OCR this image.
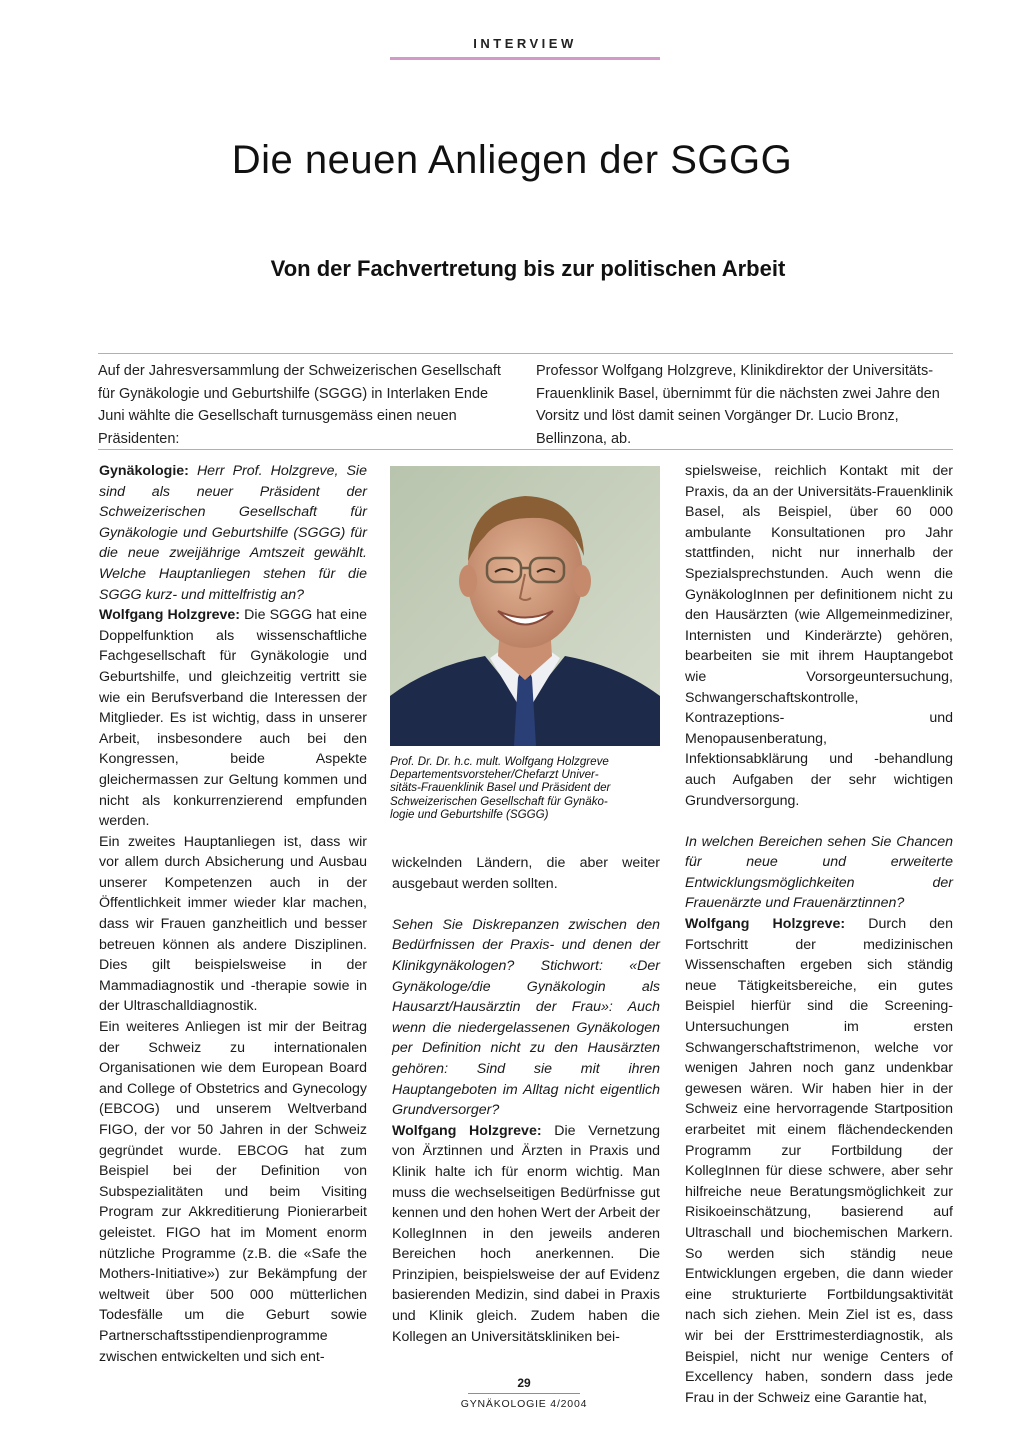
INTERVIEW
Die neuen Anliegen der SGGG
Von der Fachvertretung bis zur politischen Arbeit
Auf der Jahresversammlung der Schweizerischen Gesellschaft für Gynäkologie und Geburtshilfe (SGGG) in Interlaken Ende Juni wählte die Gesellschaft turnusgemäss einen neuen Präsidenten:
Professor Wolfgang Holzgreve, Klinikdirektor der Universitäts-Frauenklinik Basel, übernimmt für die nächsten zwei Jahre den Vorsitz und löst damit seinen Vorgänger Dr. Lucio Bronz, Bellinzona, ab.

Gynäkologie: Herr Prof. Holzgreve, Sie sind als neuer Präsident der Schweizerischen Gesellschaft für Gynäkologie und Geburtshilfe (SGGG) für die neue zweijährige Amtszeit gewählt. Welche Hauptanliegen stehen für die SGGG kurz- und mittelfristig an?

Wolfgang Holzgreve: Die SGGG hat eine Doppelfunktion als wissenschaftliche Fachgesellschaft für Gynäkologie und Geburtshilfe, und gleichzeitig vertritt sie wie ein Berufsverband die Interessen der Mitglieder. Es ist wichtig, dass in unserer Arbeit, insbesondere auch bei den Kongressen, beide Aspekte gleichermassen zur Geltung kommen und nicht als konkurrenzierend empfunden werden.

Ein zweites Hauptanliegen ist, dass wir vor allem durch Absicherung und Ausbau unserer Kompetenzen auch in der Öffentlichkeit immer wieder klar machen, dass wir Frauen ganzheitlich und besser betreuen können als andere Disziplinen. Dies gilt beispielsweise in der Mammadiagnostik und -therapie sowie in der Ultraschalldiagnostik.

Ein weiteres Anliegen ist mir der Beitrag der Schweiz zu internationalen Organisationen wie dem European Board and College of Obstetrics and Gynecology (EBCOG) und unserem Weltverband FIGO, der vor 50 Jahren in der Schweiz gegründet wurde. EBCOG hat zum Beispiel bei der Definition von Subspezialitäten und beim Visiting Program zur Akkreditierung Pionierarbeit geleistet. FIGO hat im Moment enorm nützliche Programme (z.B. die «Safe the Mothers-Initiative») zur Bekämpfung der weltweit über 500 000 mütterlichen Todesfälle um die Geburt sowie Partnerschaftsstipendienprogramme zwischen entwickelten und sich ent-

Prof. Dr. Dr. h.c. mult. Wolfgang Holzgreve
Departementsvorsteher/Chefarzt Univer-
sitäts-Frauenklinik Basel und Präsident der
Schweizerischen Gesellschaft für Gynäko-
logie und Geburtshilfe (SGGG)

wickelnden Ländern, die aber weiter ausgebaut werden sollten.

Sehen Sie Diskrepanzen zwischen den Bedürfnissen der Praxis- und denen der Klinikgynäkologen? Stichwort: «Der Gynäkologe/die Gynäkologin als Hausarzt/Hausärztin der Frau»: Auch wenn die niedergelassenen Gynäkologen per Definition nicht zu den Hausärzten gehören: Sind sie mit ihren Hauptangeboten im Alltag nicht eigentlich Grundversorger?

Wolfgang Holzgreve: Die Vernetzung von Ärztinnen und Ärzten in Praxis und Klinik halte ich für enorm wichtig. Man muss die wechselseitigen Bedürfnisse gut kennen und den hohen Wert der Arbeit der KollegInnen in den jeweils anderen Bereichen hoch anerkennen. Die Prinzipien, beispielsweise der auf Evidenz basierenden Medizin, sind dabei in Praxis und Klinik gleich. Zudem haben die Kollegen an Universitätskliniken bei-

spielsweise, reichlich Kontakt mit der Praxis, da an der Universitäts-Frauenklinik Basel, als Beispiel, über 60 000 ambulante Konsultationen pro Jahr stattfinden, nicht nur innerhalb der Spezialsprechstunden. Auch wenn die GynäkologInnen per definitionem nicht zu den Hausärzten (wie Allgemeinmediziner, Internisten und Kinderärzte) gehören, bearbeiten sie mit ihrem Hauptangebot wie Vorsorgeuntersuchung, Schwangerschaftskontrolle, Kontrazeptions- und Menopausenberatung, Infektionsabklärung und -behandlung auch Aufgaben der sehr wichtigen Grundversorgung.

In welchen Bereichen sehen Sie Chancen für neue und erweiterte Entwicklungsmöglichkeiten der Frauenärzte und Frauenärztinnen?

Wolfgang Holzgreve: Durch den Fortschritt der medizinischen Wissenschaften ergeben sich ständig neue Tätigkeitsbereiche, ein gutes Beispiel hierfür sind die Screening-Untersuchungen im ersten Schwangerschaftstrimenon, welche vor wenigen Jahren noch ganz undenkbar gewesen wären. Wir haben hier in der Schweiz eine hervorragende Startposition erarbeitet mit einem flächendeckenden Programm zur Fortbildung der KollegInnen für diese schwere, aber sehr hilfreiche neue Beratungsmöglichkeit zur Risikoeinschätzung, basierend auf Ultraschall und biochemischen Markern. So werden sich ständig neue Entwicklungen ergeben, die dann wieder eine strukturierte Fortbildungsaktivität nach sich ziehen. Mein Ziel ist es, dass wir bei der Ersttrimesterdiagnostik, als Beispiel, nicht nur wenige Centers of Excellency haben, sondern dass jede Frau in der Schweiz eine Garantie hat,

29
GYNÄKOLOGIE 4/2004
